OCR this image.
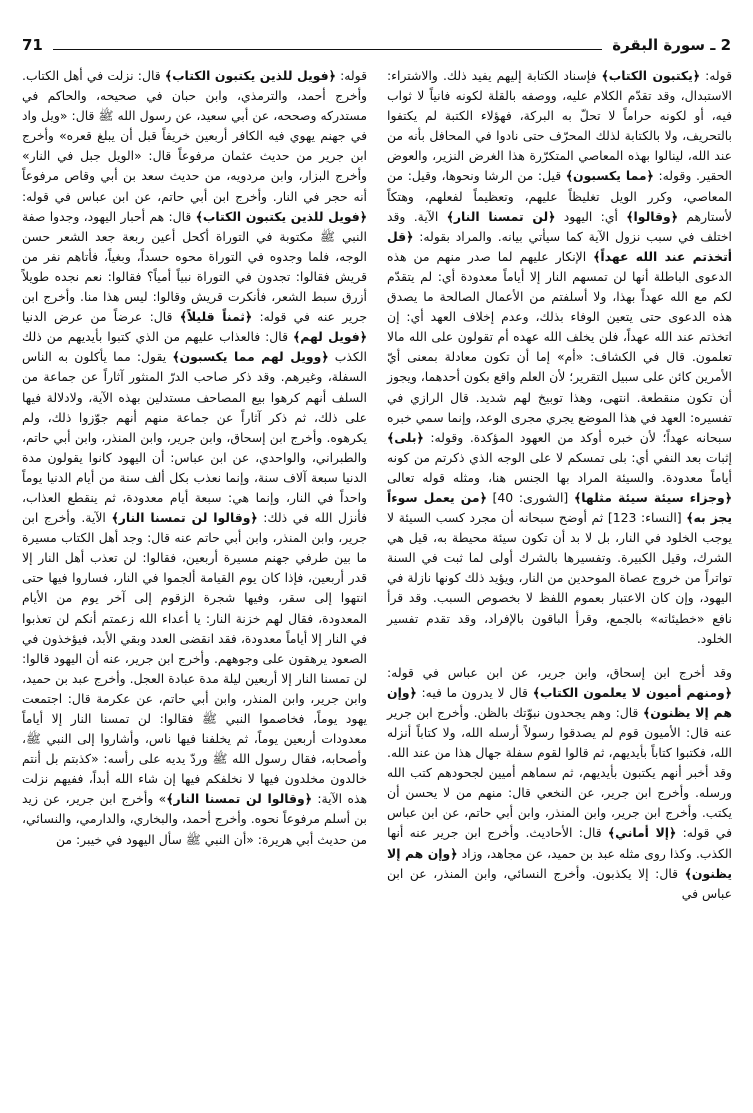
2 ـ سورة البقرة
71

قوله: ﴿يكتبون الكتاب﴾ فإسناد الكتابة إليهم يفيد ذلك. والاشتراء: الاستبدال، وقد تقدّم الكلام عليه، ووصفه بالقلة لكونه فانياً لا ثواب فيه، أو لكونه حراماً لا تحلّ به البركة، فهؤلاء الكتبة لم يكتفوا بالتحريف، ولا بالكتابة لذلك المحرّف حتى نادوا في المحافل بأنه من عند الله، لينالوا بهذه المعاصي المتكرّرة هذا الغرض النزير، والعوض الحقير. وقوله: ﴿مما يكسبون﴾ قيل: من الرشا ونحوها، وقيل: من المعاصي، وكرر الويل تغليظاً عليهم، وتعظيماً لفعلهم، وهتكاً لأستارهم ﴿وقالوا﴾ أي: اليهود ﴿لن تمسنا النار﴾ الآية. وقد اختلف في سبب نزول الآية كما سيأتي بيانه. والمراد بقوله: ﴿قل أتخذتم عند الله عهداً﴾ الإنكار عليهم لما صدر منهم من هذه الدعوى الباطلة أنها لن تمسهم النار إلا أياماً معدودة أي: لم يتقدّم لكم مع الله عهداً بهذا، ولا أسلفتم من الأعمال الصالحة ما يصدق هذه الدعوى حتى يتعين الوفاء بذلك، وعدم إخلاف العهد أي: إن اتخذتم عند الله عهداً، فلن يخلف الله عهده أم تقولون على الله مالا تعلمون. قال في الكشاف: «أم» إما أن تكون معادلة بمعنى أيّ الأمرين كائن على سبيل التقرير؛ لأن العلم واقع بكون أحدهما، ويجوز أن تكون منقطعة. انتهى، وهذا توبيخ لهم شديد. قال الرازي في تفسيره: العهد في هذا الموضع يجري مجرى الوعد، وإنما سمي خبره سبحانه عهداً؛ لأن خبره أوكد من العهود المؤكدة. وقوله: ﴿بلى﴾ إثبات بعد النفي أي: بلى تمسكم لا على الوجه الذي ذكرتم من كونه أياماً معدودة. والسيئة المراد بها الجنس هنا، ومثله قوله تعالى ﴿وجزاء سيئة سيئة مثلها﴾ [الشورى: 40] ﴿من يعمل سوءاً يجز به﴾ [النساء: 123] ثم أوضح سبحانه أن مجرد كسب السيئة لا يوجب الخلود في النار، بل لا بد أن تكون سيئة محيطة به، قيل هي الشرك، وقيل الكبيرة. وتفسيرها بالشرك أولى لما ثبت في السنة تواتراً من خروج عصاة الموحدين من النار، ويؤيد ذلك كونها نازلة في اليهود، وإن كان الاعتبار بعموم اللفظ لا بخصوص السبب. وقد قرأ نافع «خطيئاته» بالجمع، وقرأ الباقون بالإفراد، وقد تقدم تفسير الخلود.

وقد أخرج ابن إسحاق، وابن جرير، عن ابن عباس في قوله: ﴿ومنهم أميون لا يعلمون الكتاب﴾ قال لا يدرون ما فيه: ﴿وإن هم إلا يظنون﴾ قال: وهم يجحدون نبوّتك بالظن. وأخرج ابن جرير عنه قال: الأميون قوم لم يصدقوا رسولاً أرسله الله، ولا كتاباً أنزله الله، فكتبوا كتاباً بأيديهم، ثم قالوا لقوم سفلة جهال هذا من عند الله. وقد أخبر أنهم يكتبون بأيديهم، ثم سماهم أميين لجحودهم كتب الله ورسله. وأخرج ابن جرير، عن النخعي قال: منهم من لا يحسن أن يكتب. وأخرج ابن جرير، وابن المنذر، وابن أبي حاتم، عن ابن عباس في قوله: ﴿إلا أماني﴾ قال: الأحاديث. وأخرج ابن جرير عنه أنها الكذب. وكذا روى مثله عبد بن حميد، عن مجاهد، وزاد ﴿وإن هم إلا يظنون﴾ قال: إلا يكذبون. وأخرج النسائي، وابن المنذر، عن ابن عباس في

قوله: ﴿فويل للذين يكتبون الكتاب﴾ قال: نزلت في أهل الكتاب. وأخرج أحمد، والترمذي، وابن حبان في صحيحه، والحاكم في مستدركه وصححه، عن أبي سعيد، عن رسول الله ﷺ قال: «ويل واد في جهنم يهوي فيه الكافر أربعين خريفاً قبل أن يبلغ قعره» وأخرج ابن جرير من حديث عثمان مرفوعاً قال: «الويل جبل في النار» وأخرج البزار، وابن مردويه، من حديث سعد بن أبي وقاص مرفوعاً أنه حجر في النار. وأخرج ابن أبي حاتم، عن ابن عباس في قوله: ﴿فويل للذين يكتبون الكتاب﴾ قال: هم أحبار اليهود، وجدوا صفة النبي ﷺ مكتوبة في التوراة أكحل أعين ربعة جعد الشعر حسن الوجه، فلما وجدوه في التوراة محوه حسداً، وبغياً، فأتاهم نفر من قريش فقالوا: تجدون في التوراة نبياً أمياً؟ فقالوا: نعم نجده طويلاً أزرق سبط الشعر، فأنكرت قريش وقالوا: ليس هذا منا. وأخرج ابن جرير عنه في قوله: ﴿ثمناً قليلاً﴾ قال: عرضاً من عرض الدنيا ﴿فويل لهم﴾ قال: فالعذاب عليهم من الذي كتبوا بأيديهم من ذلك الكذب ﴿وويل لهم مما يكسبون﴾ يقول: مما يأكلون به الناس السفلة، وغيرهم. وقد ذكر صاحب الدرّ المنثور آثاراً عن جماعة من السلف أنهم كرهوا بيع المصاحف مستدلين بهذه الآية، ولادلالة فيها على ذلك، ثم ذكر آثاراً عن جماعة منهم أنهم جوّزوا ذلك، ولم يكرهوه. وأخرج ابن إسحاق، وابن جرير، وابن المنذر، وابن أبي حاتم، والطبراني، والواحدي، عن ابن عباس: أن اليهود كانوا يقولون مدة الدنيا سبعة آلاف سنة، وإنما نعذب بكل ألف سنة من أيام الدنيا يوماً واحداً في النار، وإنما هي: سبعة أيام معدودة، ثم ينقطع العذاب، فأنزل الله في ذلك: ﴿وقالوا لن تمسنا النار﴾ الآية. وأخرج ابن جرير، وابن المنذر، وابن أبي حاتم عنه قال: وجد أهل الكتاب مسيرة ما بين طرفي جهنم مسيرة أربعين، فقالوا: لن تعذب أهل النار إلا قدر أربعين، فإذا كان يوم القيامة ألجموا في النار، فساروا فيها حتى انتهوا إلى سقر، وفيها شجرة الزقوم إلى آخر يوم من الأيام المعدودة، فقال لهم خزنة النار: يا أعداء الله زعمتم أنكم لن تعذبوا في النار إلا أياماً معدودة، فقد انقضى العدد وبقي الأبد، فيؤخذون في الصعود يرهقون على وجوههم. وأخرج ابن جرير، عنه أن اليهود قالوا: لن تمسنا النار إلا أربعين ليلة مدة عبادة العجل. وأخرج عبد بن حميد، وابن جرير، وابن المنذر، وابن أبي حاتم، عن عكرمة قال: اجتمعت يهود يوماً، فخاصموا النبي ﷺ فقالوا: لن تمسنا النار إلا أياماً معدودات أربعين يوماً، ثم يخلفنا فيها ناس، وأشاروا إلى النبي ﷺ، وأصحابه، فقال رسول الله ﷺ وردّ يديه على رأسه: «كذبتم بل أنتم خالدون مخلدون فيها لا نخلفكم فيها إن شاء الله أبداً، ففيهم نزلت هذه الآية: ﴿وقالوا لن تمسنا النار﴾» وأخرج ابن جرير، عن زيد بن أسلم مرفوعاً نحوه. وأخرج أحمد، والبخاري، والدارمي، والنسائي، من حديث أبي هريرة: «أن النبي ﷺ سأل اليهود في خيبر: من
